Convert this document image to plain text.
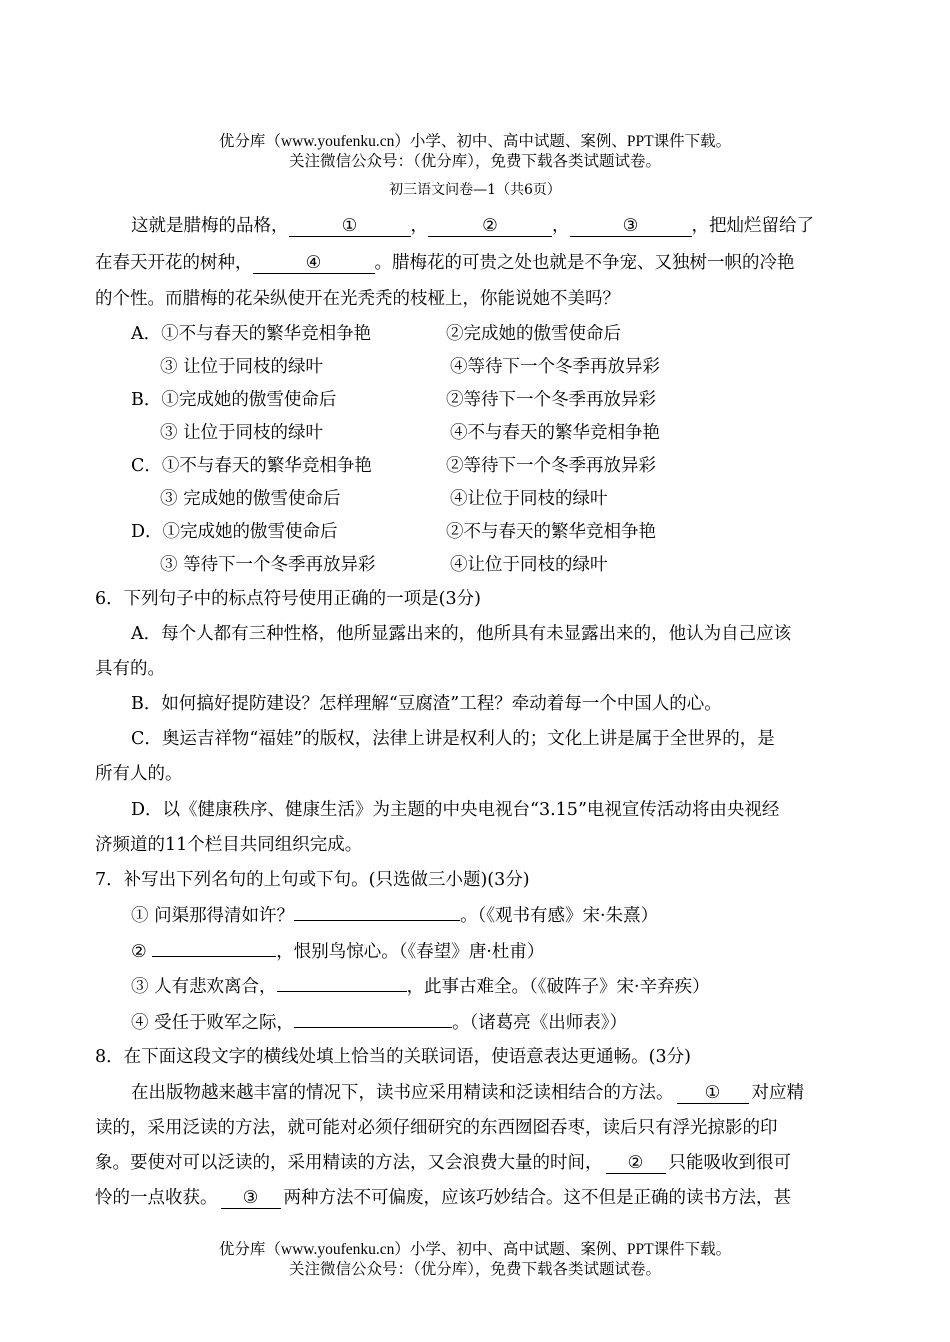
优分库（www.youfenku.cn）小学、初中、高中试题、案例、PPT课件下载。
关注微信公众号：（优分库），免费下载各类试题试卷。
初三语文问卷—1（共6页）
这就是腊梅的品格，	①	，	②	，	③	，把灿烂留给了
在春天开花的树种，	④	。腊梅花的可贵之处也就是不争宠、又独树一帜的冷艳
的个性。而腊梅的花朵纵使开在光秃秃的枝桠上，你能说她不美吗？
A．①不与春天的繁华竞相争艳	②完成她的傲雪使命后
③ 让位于同枝的绿叶	④等待下一个冬季再放异彩
B．①完成她的傲雪使命后	②等待下一个冬季再放异彩
③ 让位于同枝的绿叶	④不与春天的繁华竞相争艳
C．①不与春天的繁华竞相争艳	②等待下一个冬季再放异彩
③ 完成她的傲雪使命后	④让位于同枝的绿叶
D．①完成她的傲雪使命后	②不与春天的繁华竞相争艳
③ 等待下一个冬季再放异彩	④让位于同枝的绿叶
6．下列句子中的标点符号使用正确的一项是(3分)
A．每个人都有三种性格，他所显露出来的，他所具有未显露出来的，他认为自己应该
具有的。
B．如何搞好提防建设？怎样理解“豆腐渣”工程？牵动着每一个中国人的心。
C．奥运吉祥物“福娃”的版权，法律上讲是权利人的；文化上讲是属于全世界的，是
所有人的。
D．以《健康秩序、健康生活》为主题的中央电视台“3.15”电视宣传活动将由央视经
济频道的11个栏目共同组织完成。
7．补写出下列名句的上句或下句。(只选做三小题)(3分)
① 问渠那得清如许？	。（《观书有感》宋·朱熹）
②	，恨别鸟惊心。（《春望》唐·杜甫）
③ 人有悲欢离合，	，此事古难全。（《破阵子》宋·辛弃疾）
④ 受任于败军之际，	。（诸葛亮《出师表》）
8．在下面这段文字的横线处填上恰当的关联词语，使语意表达更通畅。(3分)
在出版物越来越丰富的情况下，读书应采用精读和泛读相结合的方法。 ① 对应精
读的，采用泛读的方法，就可能对必须仔细研究的东西囫囵吞枣，读后只有浮光掠影的印
象。要使对可以泛读的，采用精读的方法，又会浪费大量的时间， ② 只能吸收到很可
怜的一点收获。 ③ 两种方法不可偏废，应该巧妙结合。这不但是正确的读书方法，甚
优分库（www.youfenku.cn）小学、初中、高中试题、案例、PPT课件下载。
关注微信公众号：（优分库），免费下载各类试题试卷。
